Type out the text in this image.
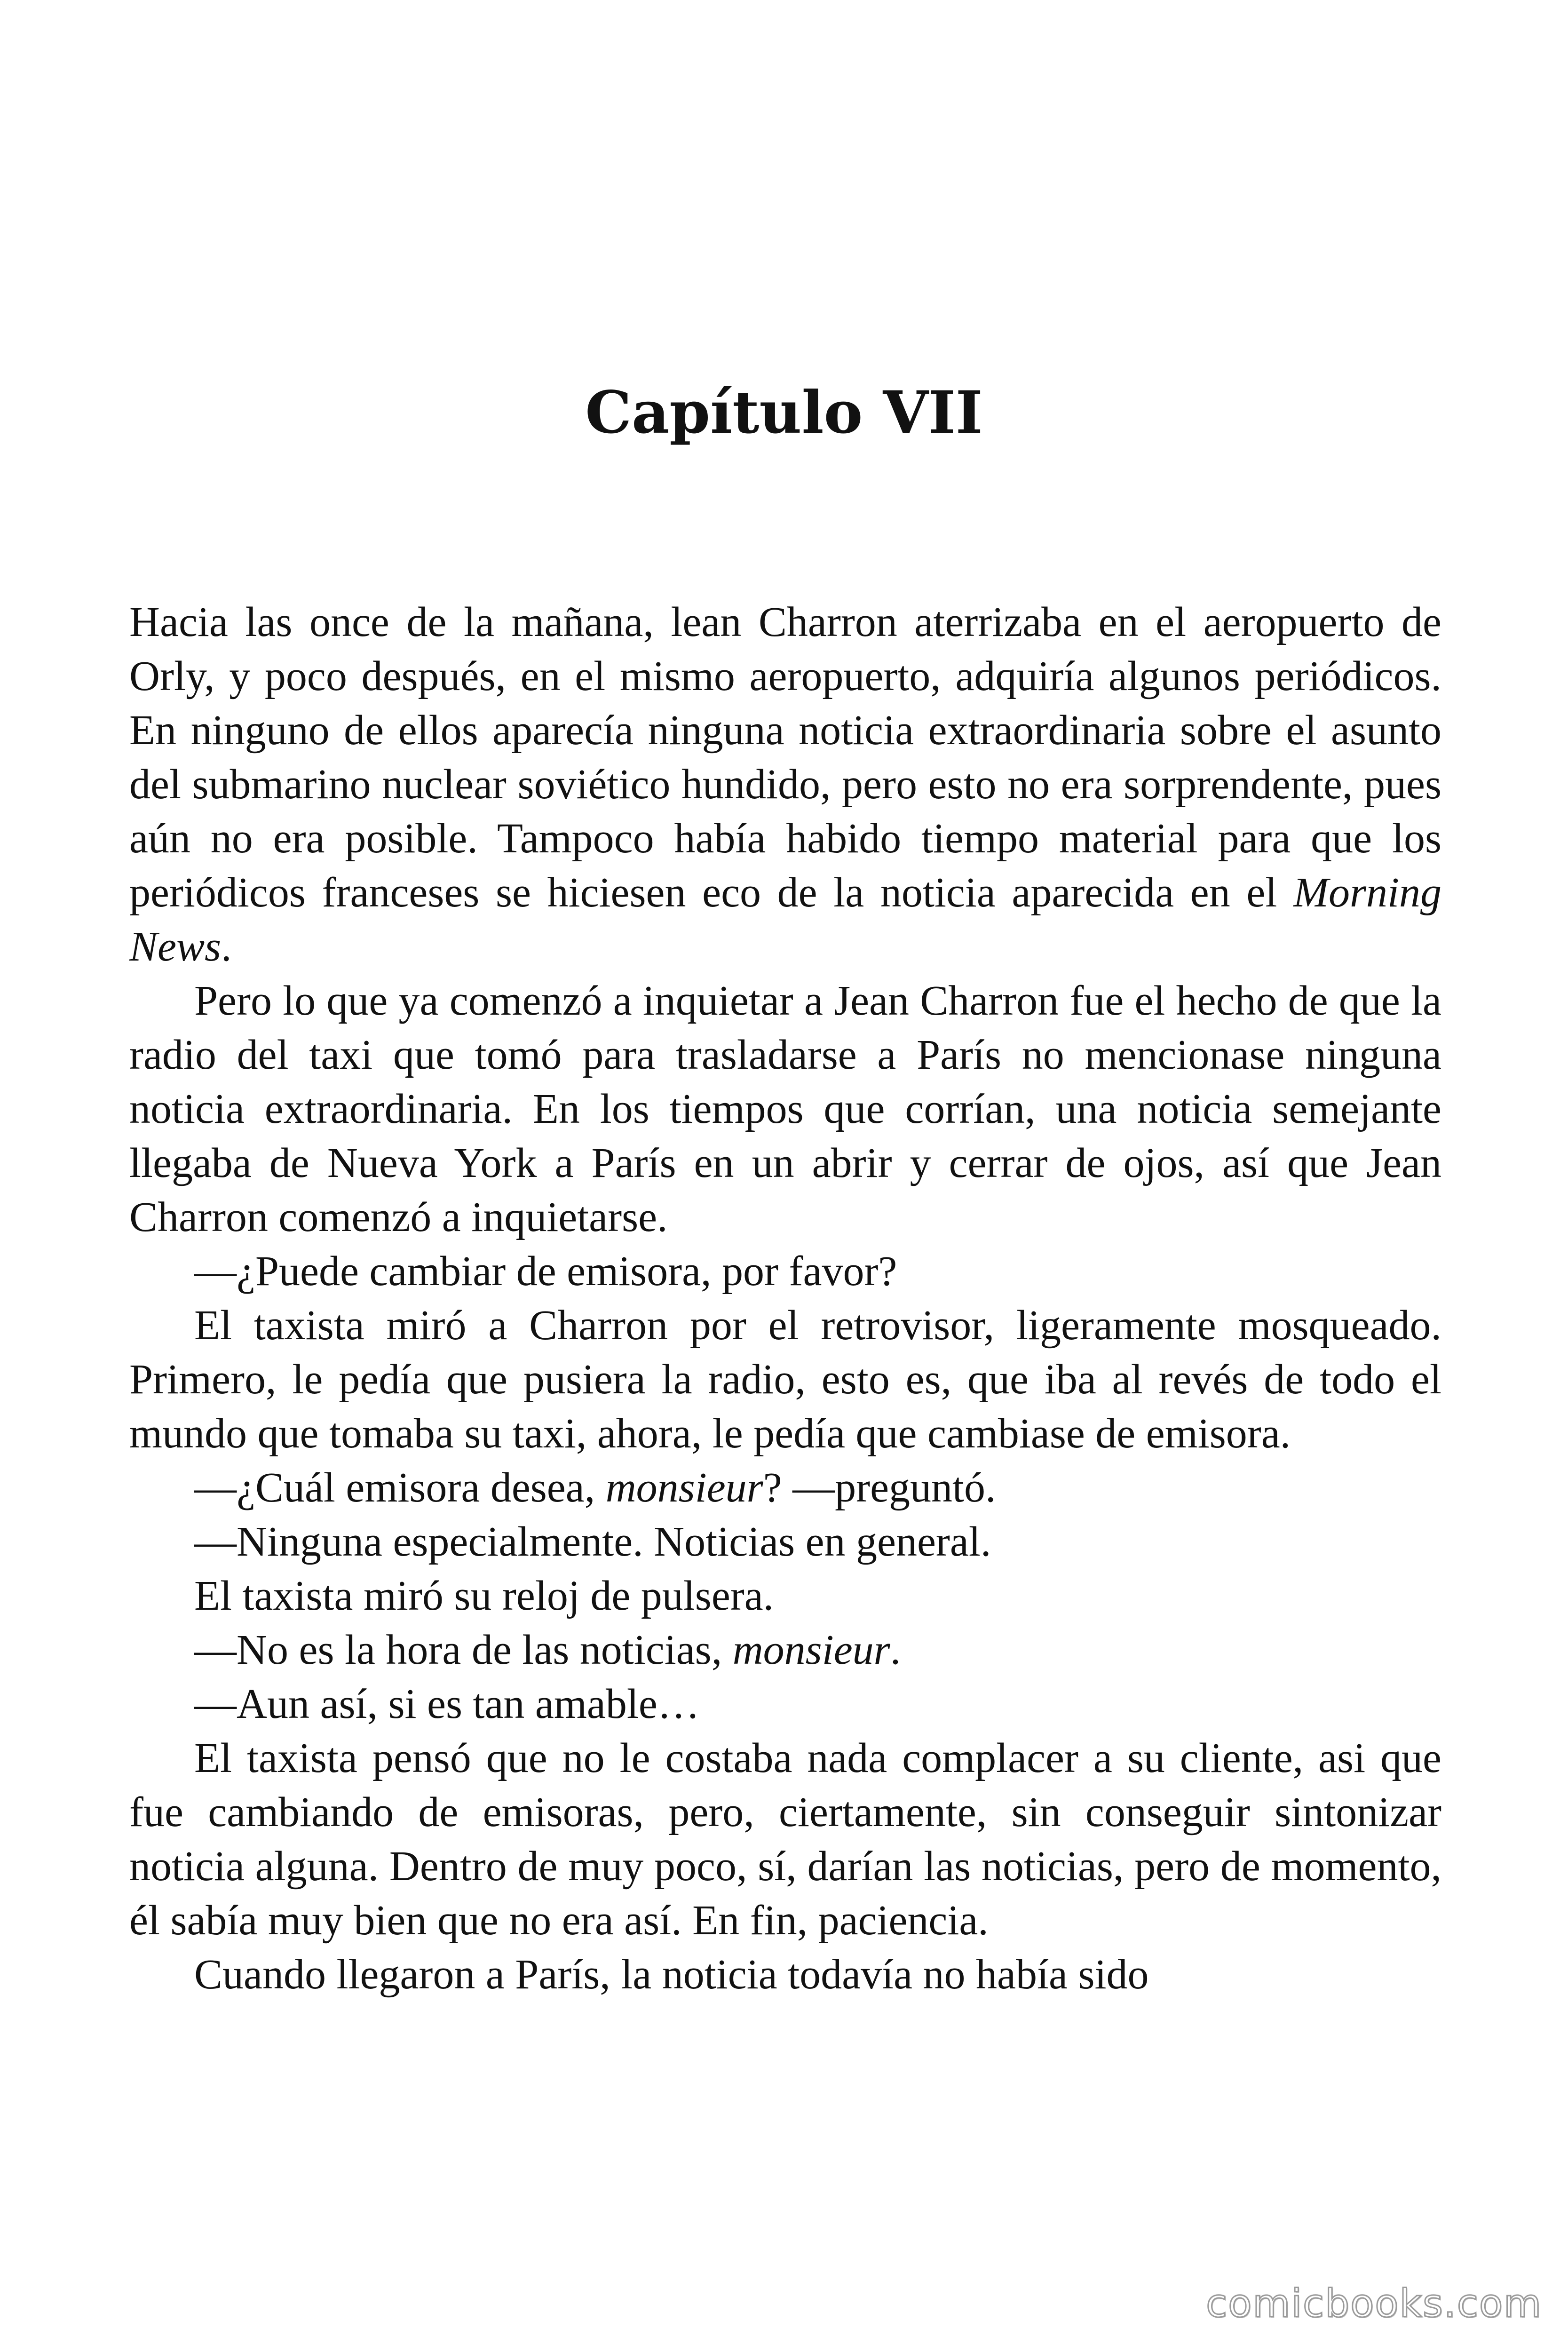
Capítulo VII

Hacia las once de la mañana, lean Charron aterrizaba en el aeropuerto de Orly, y poco después, en el mismo aeropuerto, adquiría algunos periódicos. En ninguno de ellos aparecía ninguna noticia extraordinaria sobre el asunto del submarino nuclear soviético hundido, pero esto no era sorprendente, pues aún no era posible. Tampoco había habido tiempo material para que los periódicos franceses se hiciesen eco de la noticia aparecida en el Morning News.

Pero lo que ya comenzó a inquietar a Jean Charron fue el hecho de que la radio del taxi que tomó para trasladarse a París no mencionase ninguna noticia extraordinaria. En los tiempos que corrían, una noticia semejante llegaba de Nueva York a París en un abrir y cerrar de ojos, así que Jean Charron comenzó a inquietarse.

—¿Puede cambiar de emisora, por favor?

El taxista miró a Charron por el retrovisor, ligeramente mosqueado. Primero, le pedía que pusiera la radio, esto es, que iba al revés de todo el mundo que tomaba su taxi, ahora, le pedía que cambiase de emisora.

—¿Cuál emisora desea, monsieur? —preguntó.

—Ninguna especialmente. Noticias en general.

El taxista miró su reloj de pulsera.

—No es la hora de las noticias, monsieur.

—Aun así, si es tan amable…

El taxista pensó que no le costaba nada complacer a su cliente, asi que fue cambiando de emisoras, pero, ciertamente, sin conseguir sintonizar noticia alguna. Dentro de muy poco, sí, darían las noticias, pero de momento, él sabía muy bien que no era así. En fin, paciencia.

Cuando llegaron a París, la noticia todavía no había sido

comicbooks.com
